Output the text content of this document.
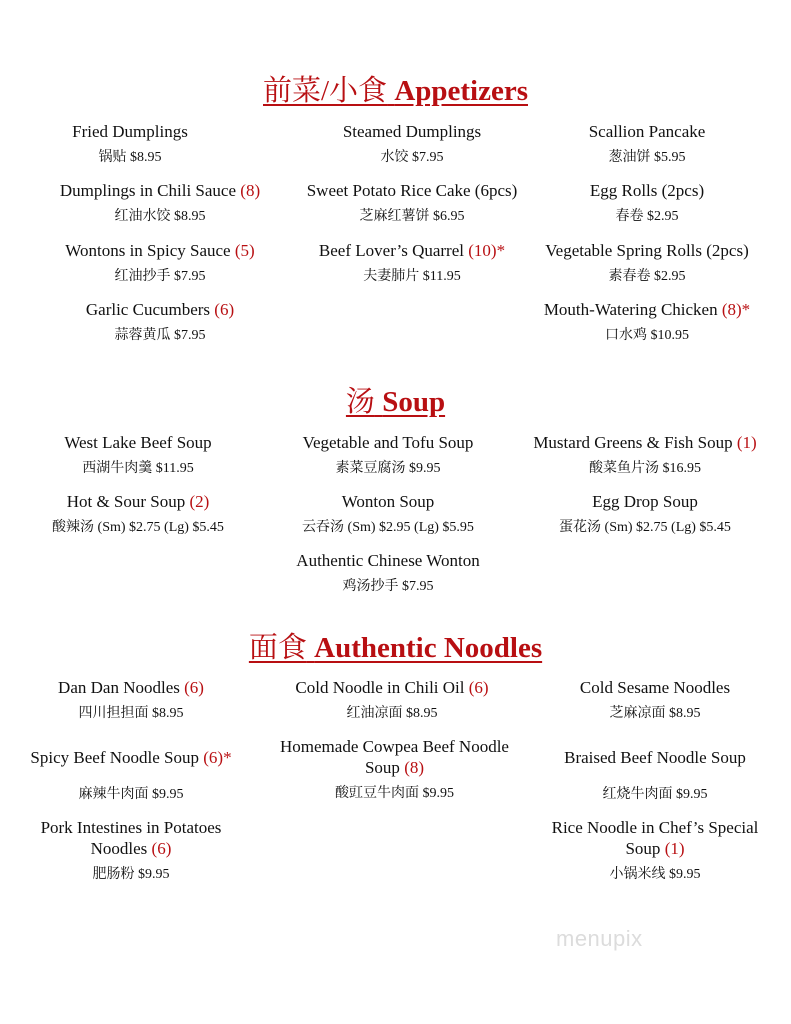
前菜/小食 Appetizers
Fried Dumplings
锅贴 $8.95
Steamed Dumplings
水饺 $7.95
Scallion Pancake
葱油饼 $5.95
Dumplings in Chili Sauce (8)
红油水饺 $8.95
Sweet Potato Rice Cake (6pcs)
芝麻红薯饼 $6.95
Egg Rolls (2pcs)
春卷 $2.95
Wontons in Spicy Sauce (5)
红油抄手 $7.95
Beef Lover’s Quarrel (10)*
夫妻肺片 $11.95
Vegetable Spring Rolls (2pcs)
素春卷 $2.95
Garlic Cucumbers (6)
蒜蓉黄瓜 $7.95
Mouth-Watering Chicken (8)*
口水鸡 $10.95
汤 Soup
West Lake Beef Soup
西湖牛肉羹 $11.95
Vegetable and Tofu Soup
素菜豆腐汤 $9.95
Mustard Greens & Fish Soup (1)
酸菜鱼片汤 $16.95
Hot & Sour Soup (2)
酸辣汤 (Sm) $2.75 (Lg) $5.45
Wonton Soup
云吞汤 (Sm) $2.95 (Lg) $5.95
Egg Drop Soup
蛋花汤 (Sm) $2.75 (Lg) $5.45
Authentic Chinese Wonton
鸡汤抄手 $7.95
面食 Authentic Noodles
Dan Dan Noodles (6)
四川担担面 $8.95
Cold Noodle in Chili Oil (6)
红油凉面 $8.95
Cold Sesame Noodles
芝麻凉面 $8.95
Spicy Beef Noodle Soup (6)*
麻辣牛肉面 $9.95
Homemade Cowpea Beef Noodle Soup (8)
酸豇豆牛肉面 $9.95
Braised Beef Noodle Soup
红烧牛肉面 $9.95
Pork Intestines in Potatoes Noodles (6)
肥肠粉 $9.95
Rice Noodle in Chef’s Special Soup (1)
小锅米线 $9.95
menupix
